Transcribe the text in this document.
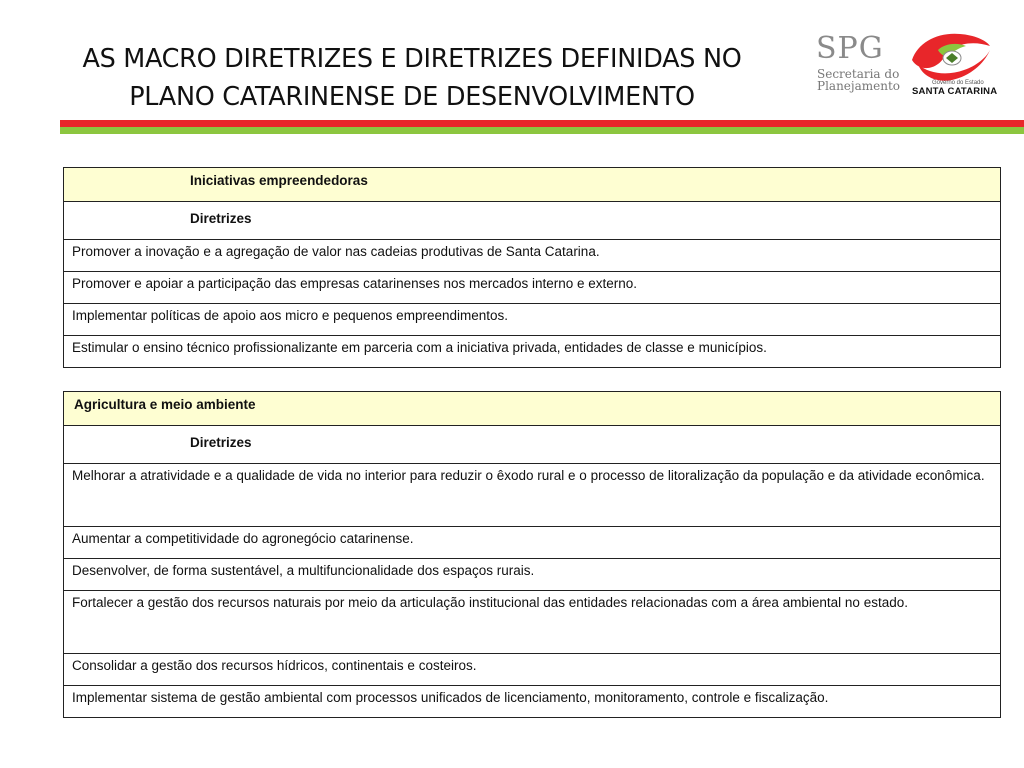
AS MACRO DIRETRIZES E DIRETRIZES DEFINIDAS NO
PLANO CATARINENSE DE DESENVOLVIMENTO
SPG
Secretaria do
Planejamento	Governo do Estado
SANTA CATARINA
Iniciativas empreendedoras
Diretrizes
Promover a inovação e a agregação de valor nas cadeias produtivas de Santa Catarina.
Promover e apoiar a participação das empresas catarinenses nos mercados interno e externo.
Implementar políticas de apoio aos micro e pequenos empreendimentos.
Estimular o ensino técnico profissionalizante em parceria com a iniciativa privada, entidades de classe e municípios.
Agricultura e meio ambiente
Diretrizes
Melhorar a atratividade e a qualidade de vida no interior para reduzir o êxodo rural e o processo de litoralização da população e da atividade econômica.
Aumentar a competitividade do agronegócio catarinense.
Desenvolver, de forma sustentável, a multifuncionalidade dos espaços rurais.
Fortalecer a gestão dos recursos naturais por meio da articulação institucional das entidades relacionadas com a área ambiental no estado.
Consolidar a gestão dos recursos hídricos, continentais e costeiros.
Implementar sistema de gestão ambiental com processos unificados de licenciamento, monitoramento, controle e fiscalização.
